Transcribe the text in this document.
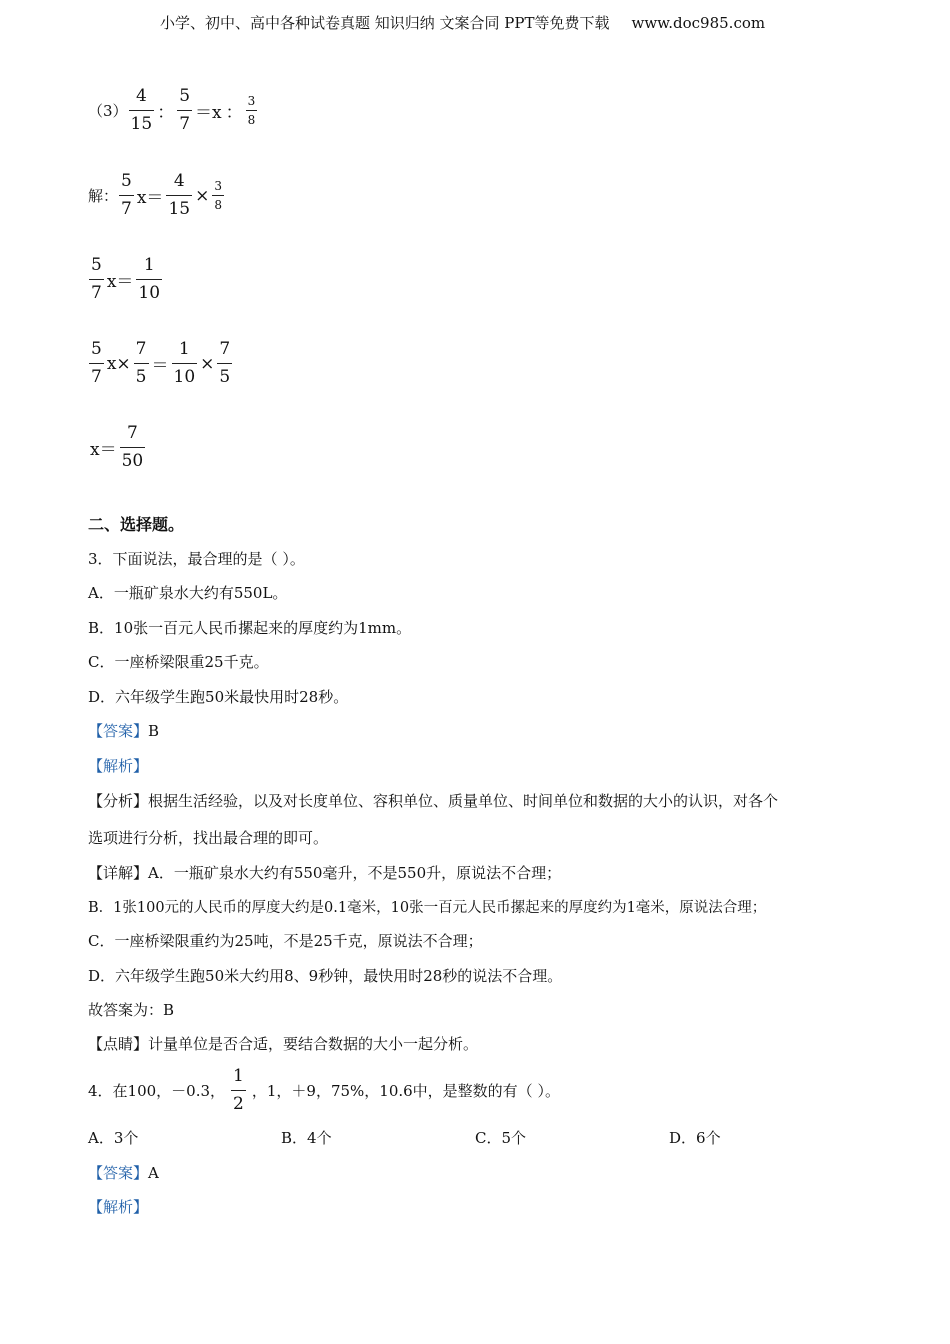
小学、初中、高中各种试卷真题 知识归纳 文案合同 PPT等免费下载 www.doc985.com
$(3) \frac{4}{15}$ ： $\frac{5}{7} =x$ ： $\frac{3}{8}$
解： $\frac{5}{7} x= \frac{4}{15} \times \frac{3}{8}$
$\frac{5}{7} x= \frac{1}{10}$
$\frac{5}{7} x\times \frac{7}{5} = \frac{1}{10} \times \frac{7}{5}$
$x= \frac{7}{50}$
二、选择题。
3．下面说法，最合理的是（ ）。
A．一瓶矿泉水大约有550L。
B．10张一百元人民币摞起来的厚度约为1mm。
C．一座桥梁限重25千克。
D．六年级学生跑50米最快用时28秒。
【答案】B
【解析】
【分析】根据生活经验，以及对长度单位、容积单位、质量单位、时间单位和数据的大小的认识，对各个
选项进行分析，找出最合理的即可。
【详解】A．一瓶矿泉水大约有550毫升，不是550升，原说法不合理；
B．1张100元的人民币的厚度大约是0.1毫米，10张一百元人民币摞起来的厚度约为1毫米，原说法合理；
C．一座桥梁限重约为25吨，不是25千克，原说法不合理；
D．六年级学生跑50米大约用8、9秒钟，最快用时28秒的说法不合理。
故答案为：B
【点睛】计量单位是否合适，要结合数据的大小一起分析。
4．在100，－0.3， $\frac{1}{2}$ ，1，＋9，75%，10.6中，是整数的有（ ）。
A．3个	B．4个	C．5个	D．6个
【答案】A
【解析】
